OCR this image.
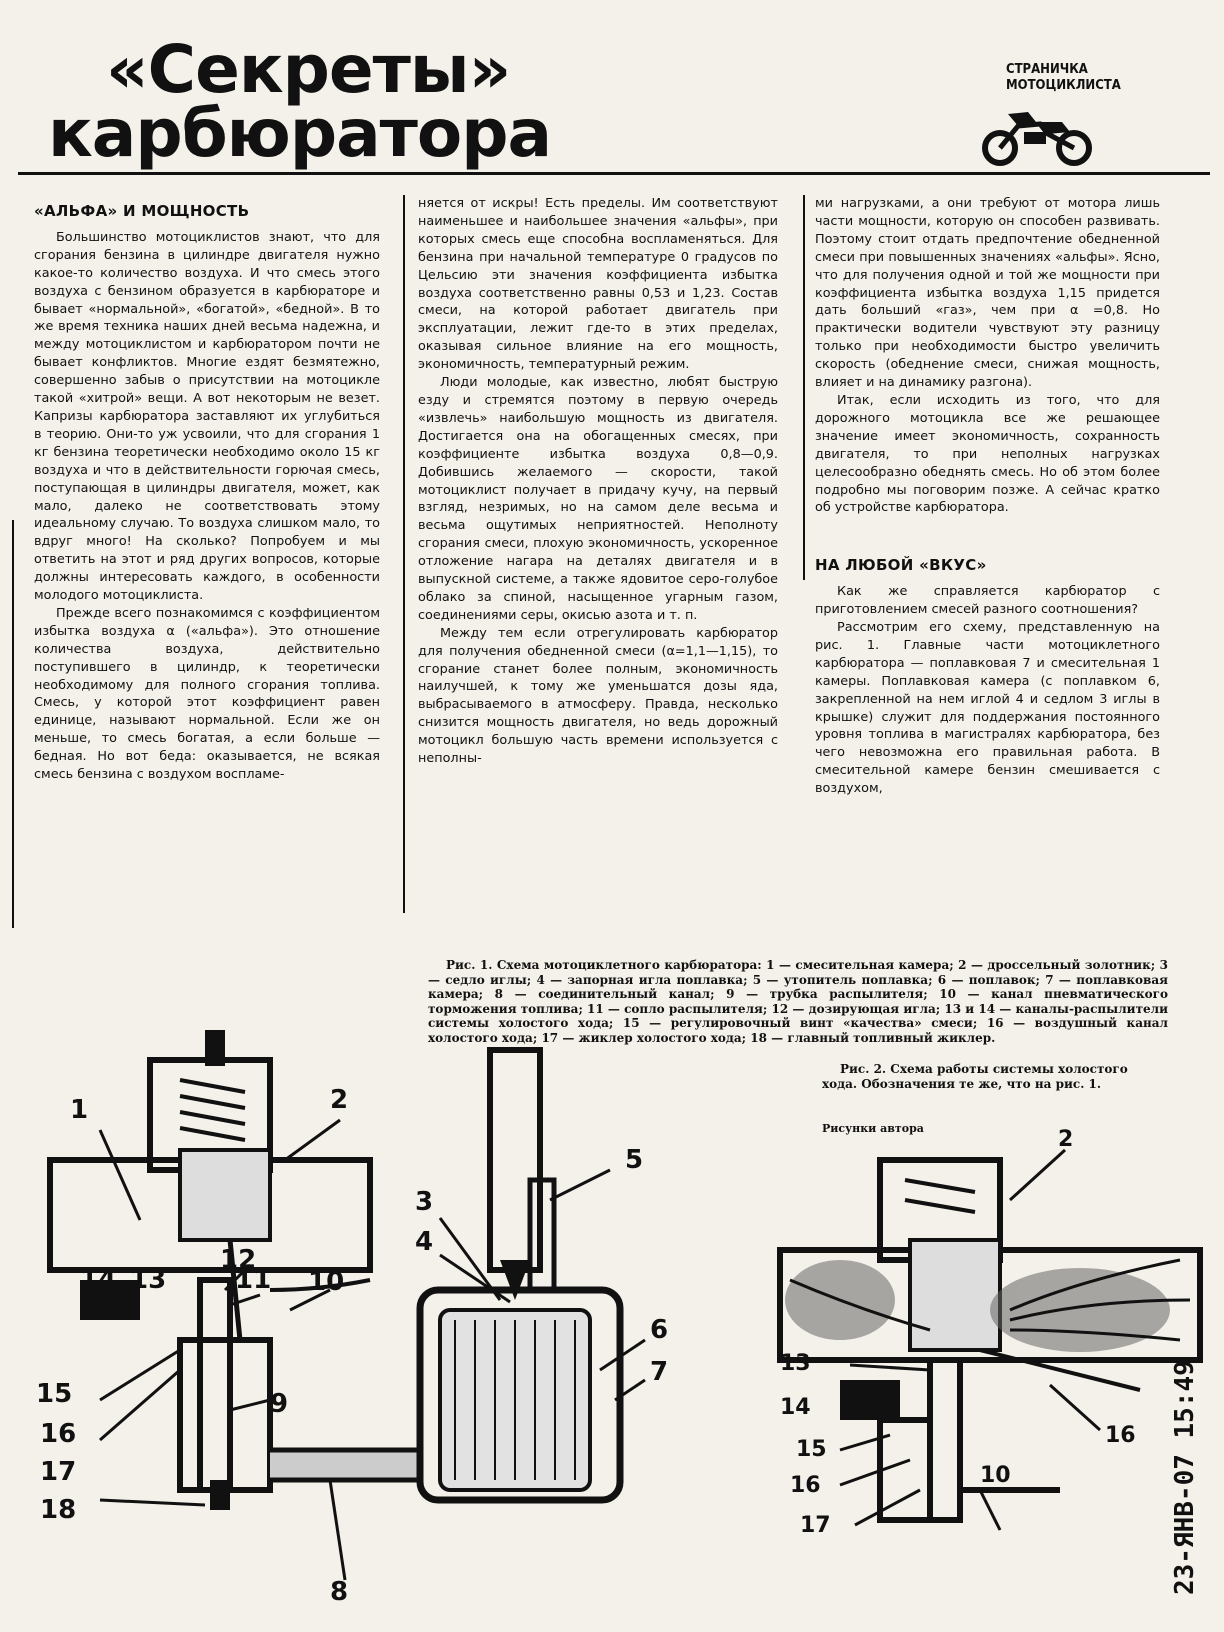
«Секреты»
карбюратора
СТРАНИЧКА
МОТОЦИКЛИСТА
«АЛЬФА» И МОЩНОСТЬ

Большинство мотоциклистов знают, что для сгорания бензина в цилиндре двигателя нужно какое-то количество воздуха. И что смесь этого воздуха с бензином образуется в карбюраторе и бывает «нормальной», «богатой», «бедной». В то же время техника наших дней весьма надежна, и между мотоциклистом и карбюратором почти не бывает конфликтов. Многие ездят безмятежно, совершенно забыв о присутствии на мотоцикле такой «хитрой» вещи. А вот некоторым не везет. Капризы карбюратора заставляют их углубиться в теорию. Они-то уж усвоили, что для сгорания 1 кг бензина теоретически необходимо около 15 кг воздуха и что в действительности горючая смесь, поступающая в цилиндры двигателя, может, как мало, далеко не соответствовать этому идеальному случаю. То воздуха слишком мало, то вдруг много! На сколько? Попробуем и мы ответить на этот и ряд других вопросов, которые должны интересовать каждого, в особенности молодого мотоциклиста.

Прежде всего познакомимся с коэффициентом избытка воздуха α («альфа»). Это отношение количества воздуха, действительно поступившего в цилиндр, к теоретически необходимому для полного сгорания топлива. Смесь, у которой этот коэффициент равен единице, называют нормальной. Если же он меньше, то смесь богатая, а если больше — бедная. Но вот беда: оказывается, не всякая смесь бензина с воздухом воспламе-

няется от искры! Есть пределы. Им соответствуют наименьшее и наибольшее значения «альфы», при которых смесь еще способна воспламеняться. Для бензина при начальной температуре 0 градусов по Цельсию эти значения коэффициента избытка воздуха соответственно равны 0,53 и 1,23. Состав смеси, на которой работает двигатель при эксплуатации, лежит где-то в этих пределах, оказывая сильное влияние на его мощность, экономичность, температурный режим.

Люди молодые, как известно, любят быструю езду и стремятся поэтому в первую очередь «извлечь» наибольшую мощность из двигателя. Достигается она на обогащенных смесях, при коэффициенте избытка воздуха 0,8—0,9. Добившись желаемого — скорости, такой мотоциклист получает в придачу кучу, на первый взгляд, незримых, но на самом деле весьма и весьма ощутимых неприятностей. Неполноту сгорания смеси, плохую экономичность, ускоренное отложение нагара на деталях двигателя и в выпускной системе, а также ядовитое серо-голубое облако за спиной, насыщенное угарным газом, соединениями серы, окисью азота и т. п.

Между тем если отрегулировать карбюратор для получения обедненной смеси (α=1,1—1,15), то сгорание станет более полным, экономичность наилучшей, к тому же уменьшатся дозы яда, выбрасываемого в атмосферу. Правда, несколько снизится мощность двигателя, но ведь дорожный мотоцикл большую часть времени используется с неполны-

ми нагрузками, а они требуют от мотора лишь части мощности, которую он способен развивать. Поэтому стоит отдать предпочтение обедненной смеси при повышенных значениях «альфы». Ясно, что для получения одной и той же мощности при коэффициента избытка воздуха 1,15 придется дать больший «газ», чем при α =0,8. Но практически водители чувствуют эту разницу только при необходимости быстро увеличить скорость (обеднение смеси, снижая мощность, влияет и на динамику разгона).

Итак, если исходить из того, что для дорожного мотоцикла все же решающее значение имеет экономичность, сохранность двигателя, то при неполных нагрузках целесообразно обеднять смесь. Но об этом более подробно мы поговорим позже. А сейчас кратко об устройстве карбюратора.

НА ЛЮБОЙ «ВКУС»

Как же справляется карбюратор с приготовлением смесей разного соотношения?

Рассмотрим его схему, представленную на рис. 1. Главные части мотоциклетного карбюратора — поплавковая 7 и смесительная 1 камеры. Поплавковая камера (с поплавком 6, закрепленной на нем иглой 4 и седлом 3 иглы в крышке) служит для поддержания постоянного уровня топлива в магистралях карбюратора, без чего невозможна его правильная работа. В смесительной камере бензин смешивается с воздухом,

Рис. 1. Схема мотоциклетного карбюратора: 1 — смесительная камера; 2 — дроссельный золотник; 3 — седло иглы; 4 — запорная игла поплавка; 5 — утопитель поплавка; 6 — поплавок; 7 — поплавковая камера; 8 — соединительный канал; 9 — трубка распылителя; 10 — канал пневматического торможения топлива; 11 — сопло распылителя; 12 — дозирующая игла; 13 и 14 — каналы-распылители системы холостого хода; 15 — регулировочный винт «качества» смеси; 16 — воздушный канал холостого хода; 17 — жиклер холостого хода; 18 — главный топливный жиклер.

Рис. 2. Схема работы системы холостого хода. Обозначения те же, что на рис. 1.
Рисунки автора
1	2
3
4
5
6
7
8
9
10
11
12
13
14
15
16
17
18
2
13
14
15
16
17
10
16 23-ЯНВ-07 15:49
